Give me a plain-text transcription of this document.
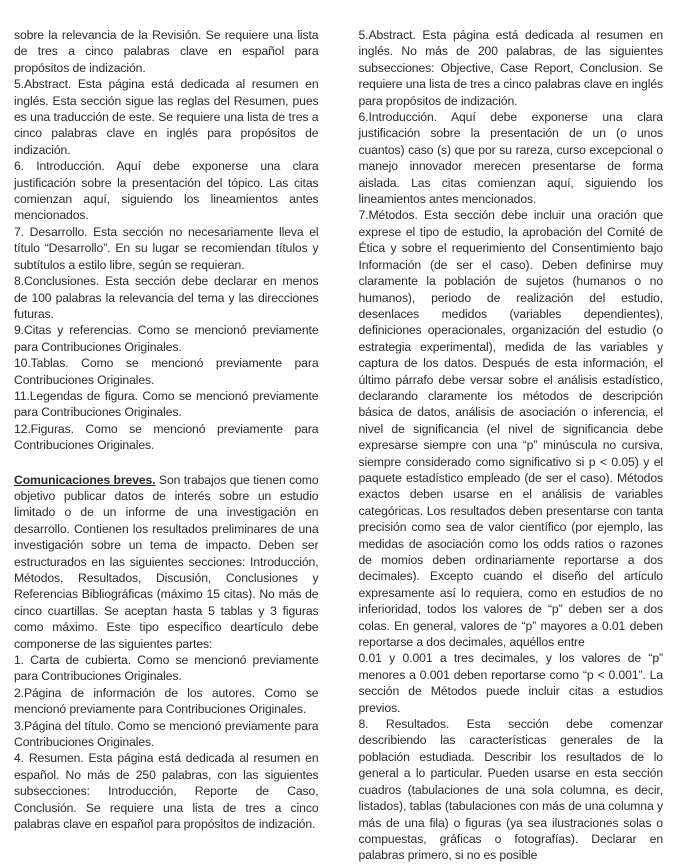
sobre la relevancia de la Revisión. Se requiere una lista de tres a cinco palabras clave en español para propósitos de indización.

5.Abstract. Esta página está dedicada al resumen en inglés. Esta sección sigue las reglas del Resumen, pues es una traducción de este. Se requiere una lista de tres a cinco palabras clave en inglés para propósitos de indización.

6. Introducción. Aquí debe exponerse una clara justificación sobre la presentación del tópico. Las citas comienzan aquí, siguiendo los lineamientos antes mencionados.

7. Desarrollo. Esta sección no necesariamente lleva el título “Desarrollo”. En su lugar se recomiendan títulos y subtítulos a estilo libre, según se requieran.

8.Conclusiones. Esta sección debe declarar en menos de 100 palabras la relevancia del tema y las direcciones futuras.

9.Citas y referencias. Como se mencionó previamente para Contribuciones Originales.

10.Tablas. Como se mencionó previamente para Contribuciones Originales.

11.Legendas de figura. Como se mencionó previamente para Contribuciones Originales.

12.Figuras. Como se mencionó previamente para Contribuciones Originales.

Comunicaciones breves. Son trabajos que tienen como objetivo publicar datos de interés sobre un estudio limitado o de un informe de una investigación en desarrollo. Contienen los resultados preliminares de una investigación sobre un tema de impacto. Deben ser estructurados en las siguientes secciones: Introducción, Métodos, Resultados, Discusión, Conclusiones y Referencias Bibliográficas (máximo 15 citas). No más de cinco cuartillas. Se aceptan hasta 5 tablas y 3 figuras como máximo. Este tipo específico deartículo debe componerse de las siguientes partes:

1. Carta de cubierta. Como se mencionó previamente para Contribuciones Originales.

2.Página de información de los autores. Como se mencionó previamente para Contribuciones Originales.

3.Página del título. Como se mencionó previamente para Contribuciones Originales.

4. Resumen. Esta página está dedicada al resumen en español. No más de 250 palabras, con las siguientes subsecciones: Introducción, Reporte de Caso, Conclusión. Se requiere una lista de tres a cinco palabras clave en español para propósitos de indización.

5.Abstract. Esta página está dedicada al resumen en inglés. No más de 200 palabras, de las siguientes subsecciones: Objective, Case Report, Conclusion. Se requiere una lista de tres a cinco palabras clave en inglés para propósitos de indización.

6.Introducción. Aquí debe exponerse una clara justificación sobre la presentación de un (o unos cuantos) caso (s) que por su rareza, curso excepcional o manejo innovador merecen presentarse de forma aislada. Las citas comienzan aquí, siguiendo los lineamientos antes mencionados.

7.Métodos. Esta sección debe incluir una oración que exprese el tipo de estudio, la aprobación del Comité de Ética y sobre el requerimiento del Consentimiento bajo Información (de ser el caso). Deben definirse muy claramente la población de sujetos (humanos o no humanos), periodo de realización del estudio, desenlaces medidos (variables dependientes), definiciones operacionales, organización del estudio (o estrategia experimental), medida de las variables y captura de los datos. Después de esta información, el último párrafo debe versar sobre el análisis estadístico, declarando claramente los métodos de descripción básica de datos, análisis de asociación o inferencia, el nivel de significancia (el nivel de significancia debe expresarse siempre con una “p” minúscula no cursiva, siempre considerado como significativo si p < 0.05) y el paquete estadístico empleado (de ser el caso). Métodos exactos deben usarse en el análisis de variables categóricas. Los resultados deben presentarse con tanta precisión como sea de valor científico (por ejemplo, las medidas de asociación como los odds ratios o razones de momios deben ordinariamente reportarse a dos decimales). Excepto cuando el diseño del artículo expresamente así lo requiera, como en estudios de no inferioridad, todos los valores de “p” deben ser a dos colas. En general, valores de “p” mayores a 0.01 deben reportarse a dos decimales, aquéllos entre

0.01 y 0.001 a tres decimales, y los valores de “p” menores a 0.001 deben reportarse como “p < 0.001”. La sección de Métodos puede incluir citas a estudios previos.

8. Resultados. Esta sección debe comenzar describiendo las características generales de la población estudiada. Describir los resultados de lo general a lo particular. Pueden usarse en esta sección cuadros (tabulaciones de una sola columna, es decir, listados), tablas (tabulaciones con más de una columna y más de una fila) o figuras (ya sea ilustraciones solas o compuestas, gráficas o fotografías). Declarar en palabras primero, si no es posible
